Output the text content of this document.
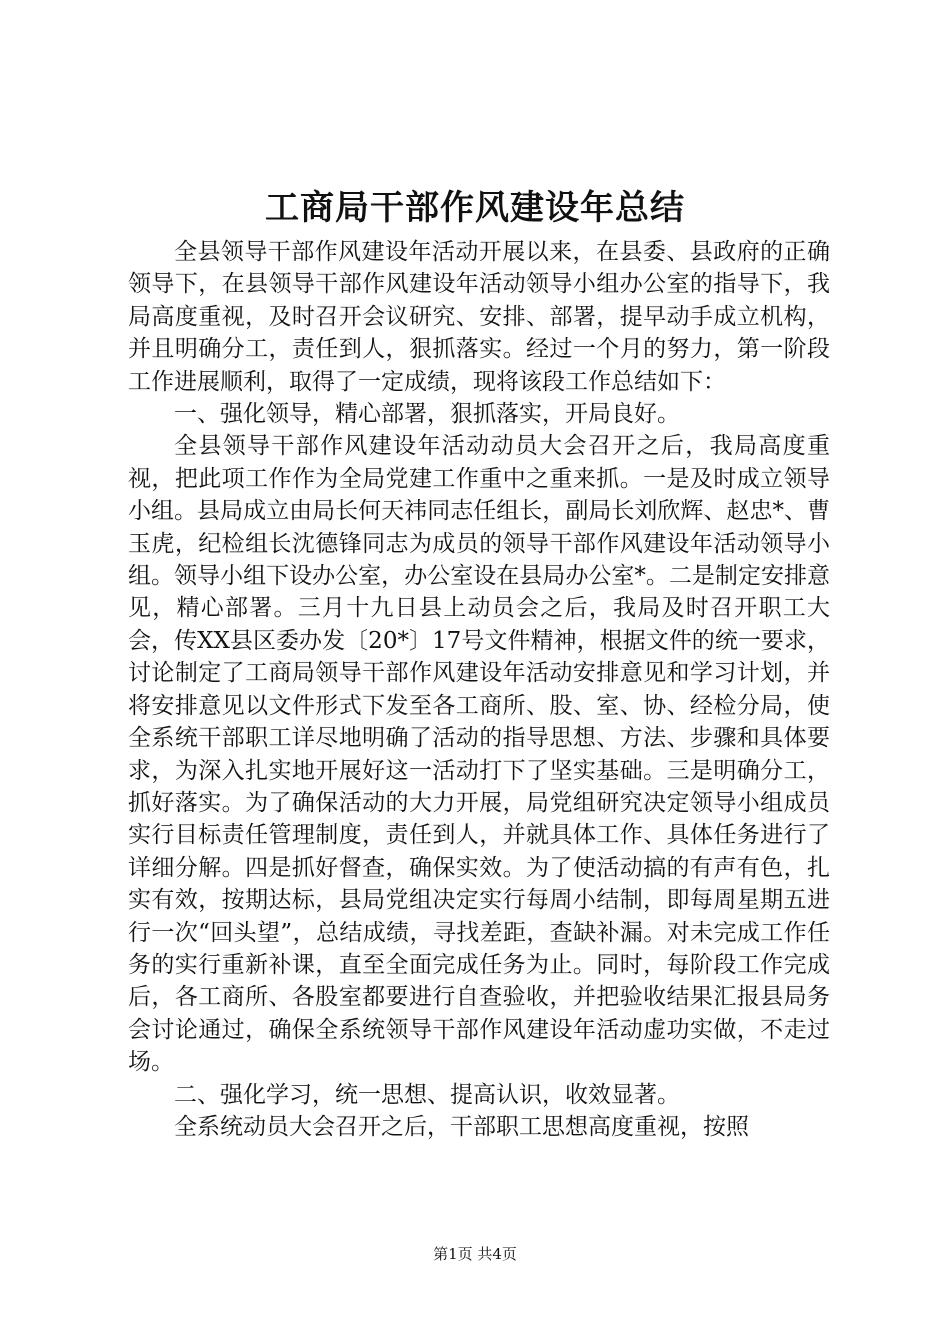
工商局干部作风建设年总结

全县领导干部作风建设年活动开展以来，在县委、县政府的正确领导下，在县领导干部作风建设年活动领导小组办公室的指导下，我局高度重视，及时召开会议研究、安排、部署，提早动手成立机构，并且明确分工，责任到人，狠抓落实。经过一个月的努力，第一阶段工作进展顺利，取得了一定成绩，现将该段工作总结如下：

一、强化领导，精心部署，狠抓落实，开局良好。

全县领导干部作风建设年活动动员大会召开之后，我局高度重视，把此项工作作为全局党建工作重中之重来抓。一是及时成立领导小组。县局成立由局长何天祎同志任组长，副局长刘欣辉、赵忠*、曹玉虎，纪检组长沈德锋同志为成员的领导干部作风建设年活动领导小组。领导小组下设办公室，办公室设在县局办公室*。二是制定安排意见，精心部署。三月十九日县上动员会之后，我局及时召开职工大会，传XX县区委办发〔20*〕17号文件精神，根据文件的统一要求，讨论制定了工商局领导干部作风建设年活动安排意见和学习计划，并将安排意见以文件形式下发至各工商所、股、室、协、经检分局，使全系统干部职工详尽地明确了活动的指导思想、方法、步骤和具体要求，为深入扎实地开展好这一活动打下了坚实基础。三是明确分工，抓好落实。为了确保活动的大力开展，局党组研究决定领导小组成员实行目标责任管理制度，责任到人，并就具体工作、具体任务进行了详细分解。四是抓好督查，确保实效。为了使活动搞的有声有色，扎实有效，按期达标，县局党组决定实行每周小结制，即每周星期五进行一次“回头望”，总结成绩，寻找差距，查缺补漏。对未完成工作任务的实行重新补课，直至全面完成任务为止。同时，每阶段工作完成后，各工商所、各股室都要进行自查验收，并把验收结果汇报县局务会讨论通过，确保全系统领导干部作风建设年活动虚功实做，不走过场。

二、强化学习，统一思想、提高认识，收效显著。

全系统动员大会召开之后，干部职工思想高度重视，按照

第1页 共4页
